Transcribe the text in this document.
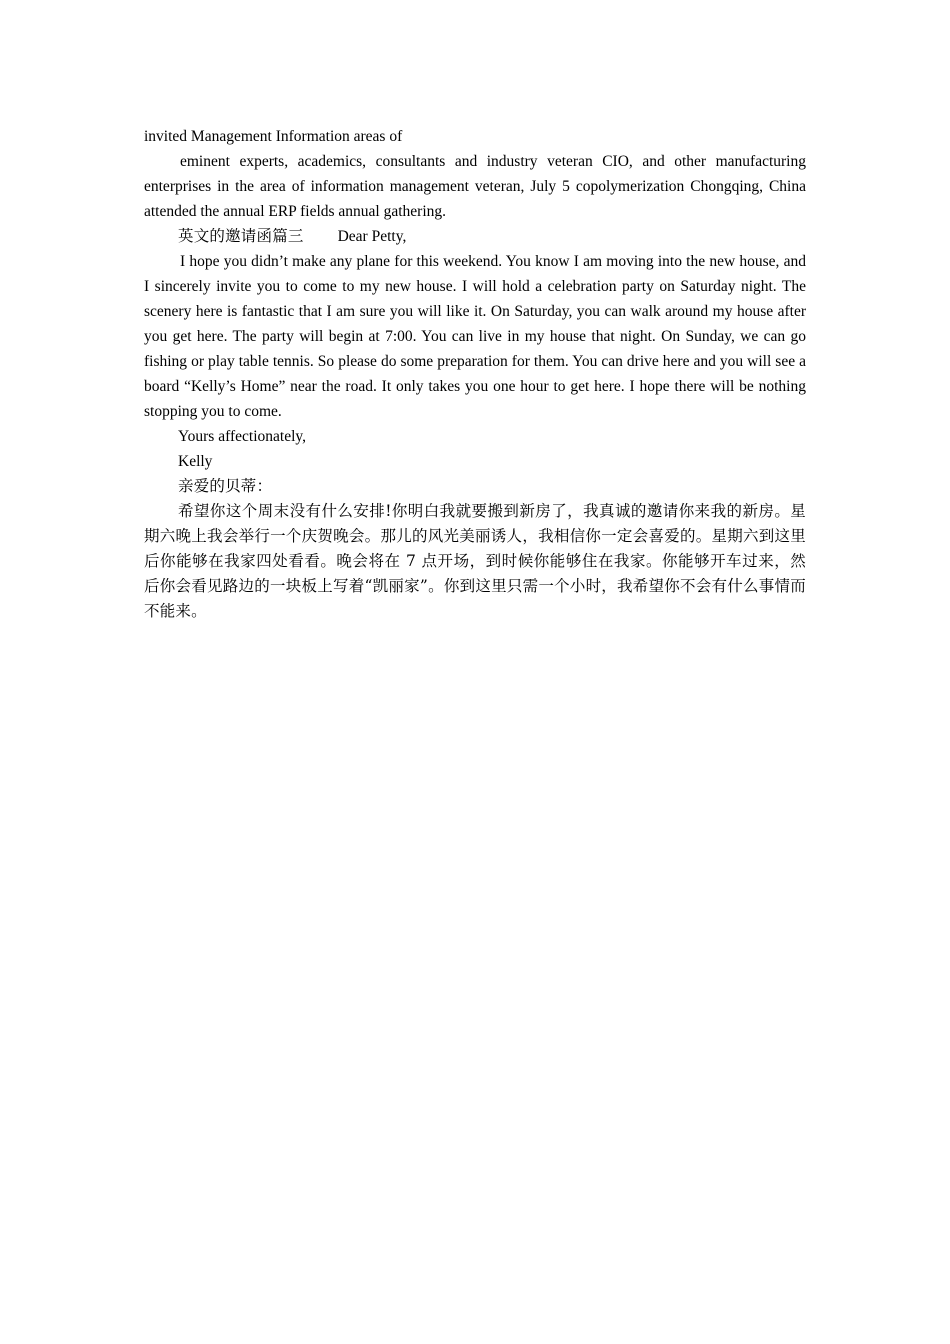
invited Management Information areas of

eminent experts, academics, consultants and industry veteran CIO, and other manufacturing enterprises in the area of information management veteran, July 5 copolymerization Chongqing, China attended the annual ERP fields annual gathering.

英文的邀请函篇三 Dear Petty,

I hope you didn’t make any plane for this weekend. You know I am moving into the new house, and I sincerely invite you to come to my new house. I will hold a celebration party on Saturday night. The scenery here is fantastic that I am sure you will like it. On Saturday, you can walk around my house after you get here. The party will begin at 7:00. You can live in my house that night. On Sunday, we can go fishing or play table tennis. So please do some preparation for them. You can drive here and you will see a board “Kelly’s Home” near the road. It only takes you one hour to get here. I hope there will be nothing stopping you to come.

Yours affectionately,

Kelly

亲爱的贝蒂：

希望你这个周末没有什么安排!你明白我就要搬到新房了，我真诚的邀请你来我的新房。星期六晚上我会举行一个庆贺晚会。那儿的风光美丽诱人，我相信你一定会喜爱的。星期六到这里后你能够在我家四处看看。晚会将在 7 点开场，到时候你能够住在我家。你能够开车过来，然后你会看见路边的一块板上写着“凯丽家”。你到这里只需一个小时，我希望你不会有什么事情而不能来。
